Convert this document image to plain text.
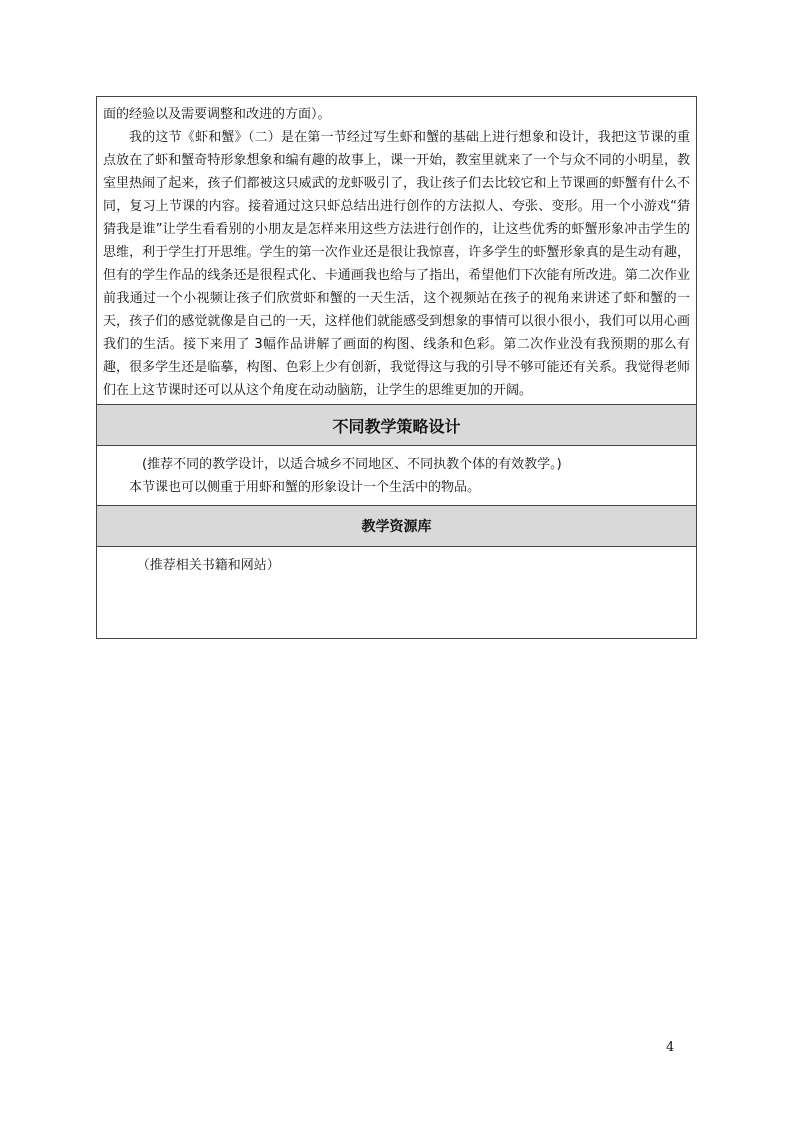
面的经验以及需要调整和改进的方面）。

我的这节《虾和蟹》（二）是在第一节经过写生虾和蟹的基础上进行想象和设计，我把这节课的重点放在了虾和蟹奇特形象想象和编有趣的故事上，课一开始，教室里就来了一个与众不同的小明星，教室里热闹了起来，孩子们都被这只威武的龙虾吸引了，我让孩子们去比较它和上节课画的虾蟹有什么不同，复习上节课的内容。接着通过这只虾总结出进行创作的方法拟人、夸张、变形。用一个小游戏“猜猜我是谁”让学生看看别的小朋友是怎样来用这些方法进行创作的，让这些优秀的虾蟹形象冲击学生的思维，利于学生打开思维。学生的第一次作业还是很让我惊喜，许多学生的虾蟹形象真的是生动有趣，但有的学生作品的线条还是很程式化、卡通画我也给与了指出，希望他们下次能有所改进。第二次作业前我通过一个小视频让孩子们欣赏虾和蟹的一天生活，这个视频站在孩子的视角来讲述了虾和蟹的一天，孩子们的感觉就像是自己的一天，这样他们就能感受到想象的事情可以很小很小，我们可以用心画我们的生活。接下来用了 3幅作品讲解了画面的构图、线条和色彩。第二次作业没有我预期的那么有趣，很多学生还是临摹，构图、色彩上少有创新，我觉得这与我的引导不够可能还有关系。我觉得老师们在上这节课时还可以从这个角度在动动脑筋，让学生的思维更加的开阔。

不同教学策略设计

(推荐不同的教学设计，以适合城乡不同地区、不同执教个体的有效教学。)

本节课也可以侧重于用虾和蟹的形象设计一个生活中的物品。

教学资源库

（推荐相关书籍和网站）

4
